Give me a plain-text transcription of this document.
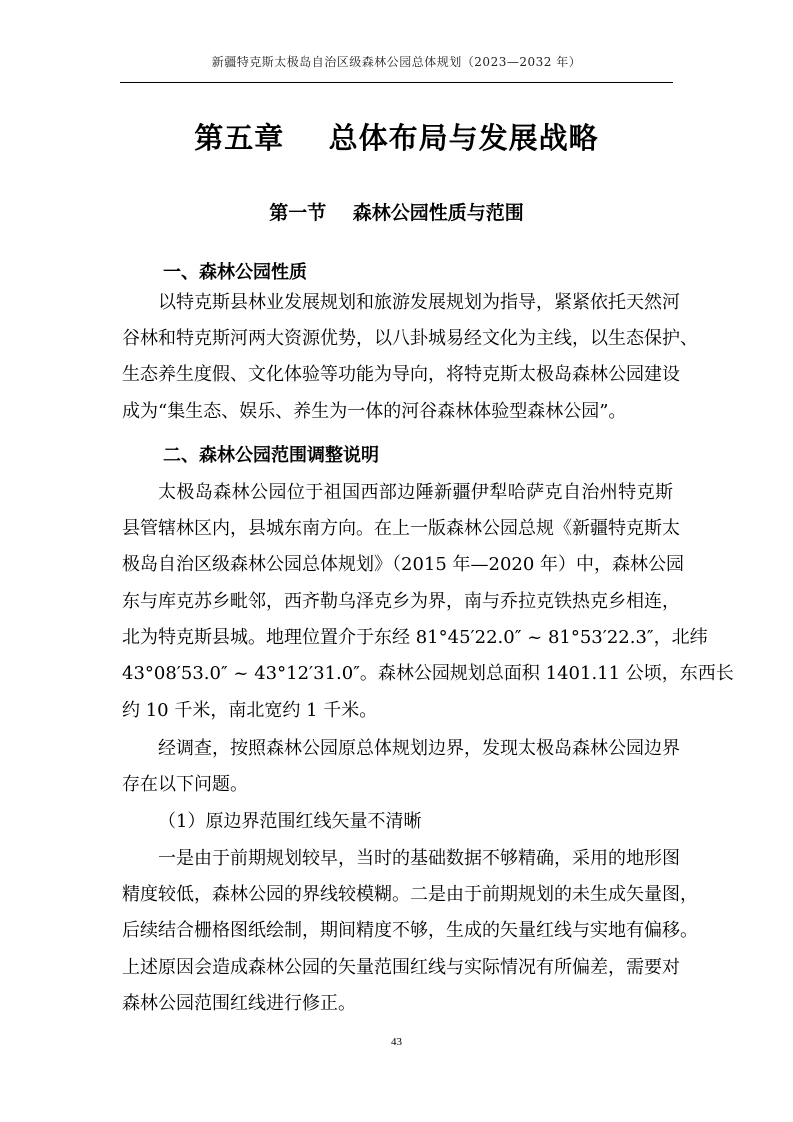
新疆特克斯太极岛自治区级森林公园总体规划（2023—2032 年）
第五章    总体布局与发展战略
第一节    森林公园性质与范围
一、森林公园性质
以特克斯县林业发展规划和旅游发展规划为指导，紧紧依托天然河
谷林和特克斯河两大资源优势，以八卦城易经文化为主线，以生态保护、
生态养生度假、文化体验等功能为导向，将特克斯太极岛森林公园建设
成为“集生态、娱乐、养生为一体的河谷森林体验型森林公园”。
二、森林公园范围调整说明
太极岛森林公园位于祖国西部边陲新疆伊犁哈萨克自治州特克斯
县管辖林区内，县城东南方向。在上一版森林公园总规《新疆特克斯太
极岛自治区级森林公园总体规划》（2015 年—2020 年）中，森林公园
东与库克苏乡毗邻，西齐勒乌泽克乡为界，南与乔拉克铁热克乡相连，
北为特克斯县城。地理位置介于东经 81°45′22.0″ ~ 81°53′22.3″，北纬
43°08′53.0″ ~ 43°12′31.0″。森林公园规划总面积 1401.11 公顷，东西长
约 10 千米，南北宽约 1 千米。
经调查，按照森林公园原总体规划边界，发现太极岛森林公园边界
存在以下问题。
（1）原边界范围红线矢量不清晰
一是由于前期规划较早，当时的基础数据不够精确，采用的地形图
精度较低，森林公园的界线较模糊。二是由于前期规划的未生成矢量图，
后续结合栅格图纸绘制，期间精度不够，生成的矢量红线与实地有偏移。
上述原因会造成森林公园的矢量范围红线与实际情况有所偏差，需要对
森林公园范围红线进行修正。
43
